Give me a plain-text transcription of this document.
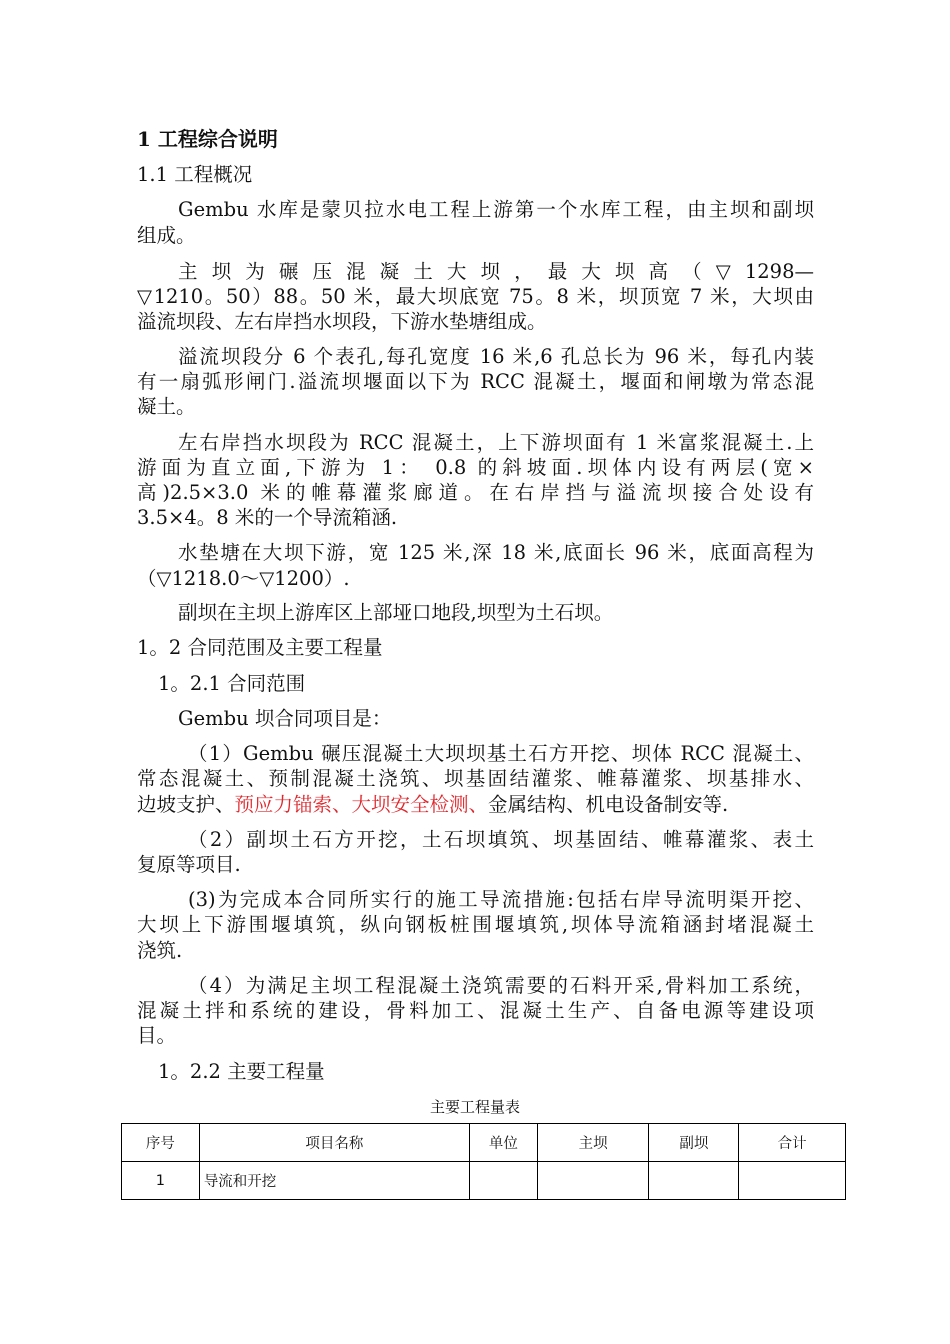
1 工程综合说明
1.1 工程概况
Gembu 水库是蒙贝拉水电工程上游第一个水库工程，由主坝和副坝
组成。
主 坝 为 碾 压 混 凝 土 大 坝 ， 最 大 坝 高 （ ▽ 1298—
▽1210。50）88。50 米，最大坝底宽 75。8 米，坝顶宽 7 米，大坝由
溢流坝段、左右岸挡水坝段，下游水垫塘组成。
溢流坝段分 6 个表孔,每孔宽度 16 米,6 孔总长为 96 米，每孔内装
有一扇弧形闸门.溢流坝堰面以下为 RCC 混凝土，堰面和闸墩为常态混
凝土。
左右岸挡水坝段为 RCC 混凝土，上下游坝面有 1 米富浆混凝土.上
游面为直立面,下游为 1： 0.8 的斜坡面.坝体内设有两层(宽×
高)2.5×3.0 米的帷幕灌浆廊道。在右岸挡与溢流坝接合处设有
3.5×4。8 米的一个导流箱涵.
水垫塘在大坝下游，宽 125 米,深 18 米,底面长 96 米，底面高程为
（▽1218.0～▽1200）.
副坝在主坝上游库区上部垭口地段,坝型为土石坝。
1。2 合同范围及主要工程量
1。2.1 合同范围
Gembu 坝合同项目是：
（1）Gembu 碾压混凝土大坝坝基土石方开挖、坝体 RCC 混凝土、
常态混凝土、预制混凝土浇筑、坝基固结灌浆、帷幕灌浆、坝基排水、
边坡支护、预应力锚索、大坝安全检测、金属结构、机电设备制安等.
（2）副坝土石方开挖，土石坝填筑、坝基固结、帷幕灌浆、表土
复原等项目.
(3)为完成本合同所实行的施工导流措施:包括右岸导流明渠开挖、
大坝上下游围堰填筑，纵向钢板桩围堰填筑,坝体导流箱涵封堵混凝土
浇筑.
（4）为满足主坝工程混凝土浇筑需要的石料开采,骨料加工系统，
混凝土拌和系统的建设，骨料加工、混凝土生产、自备电源等建设项
目。
1。2.2 主要工程量
主要工程量表
序号	项目名称	单位	主坝	副坝	合计
1	导流和开挖				
